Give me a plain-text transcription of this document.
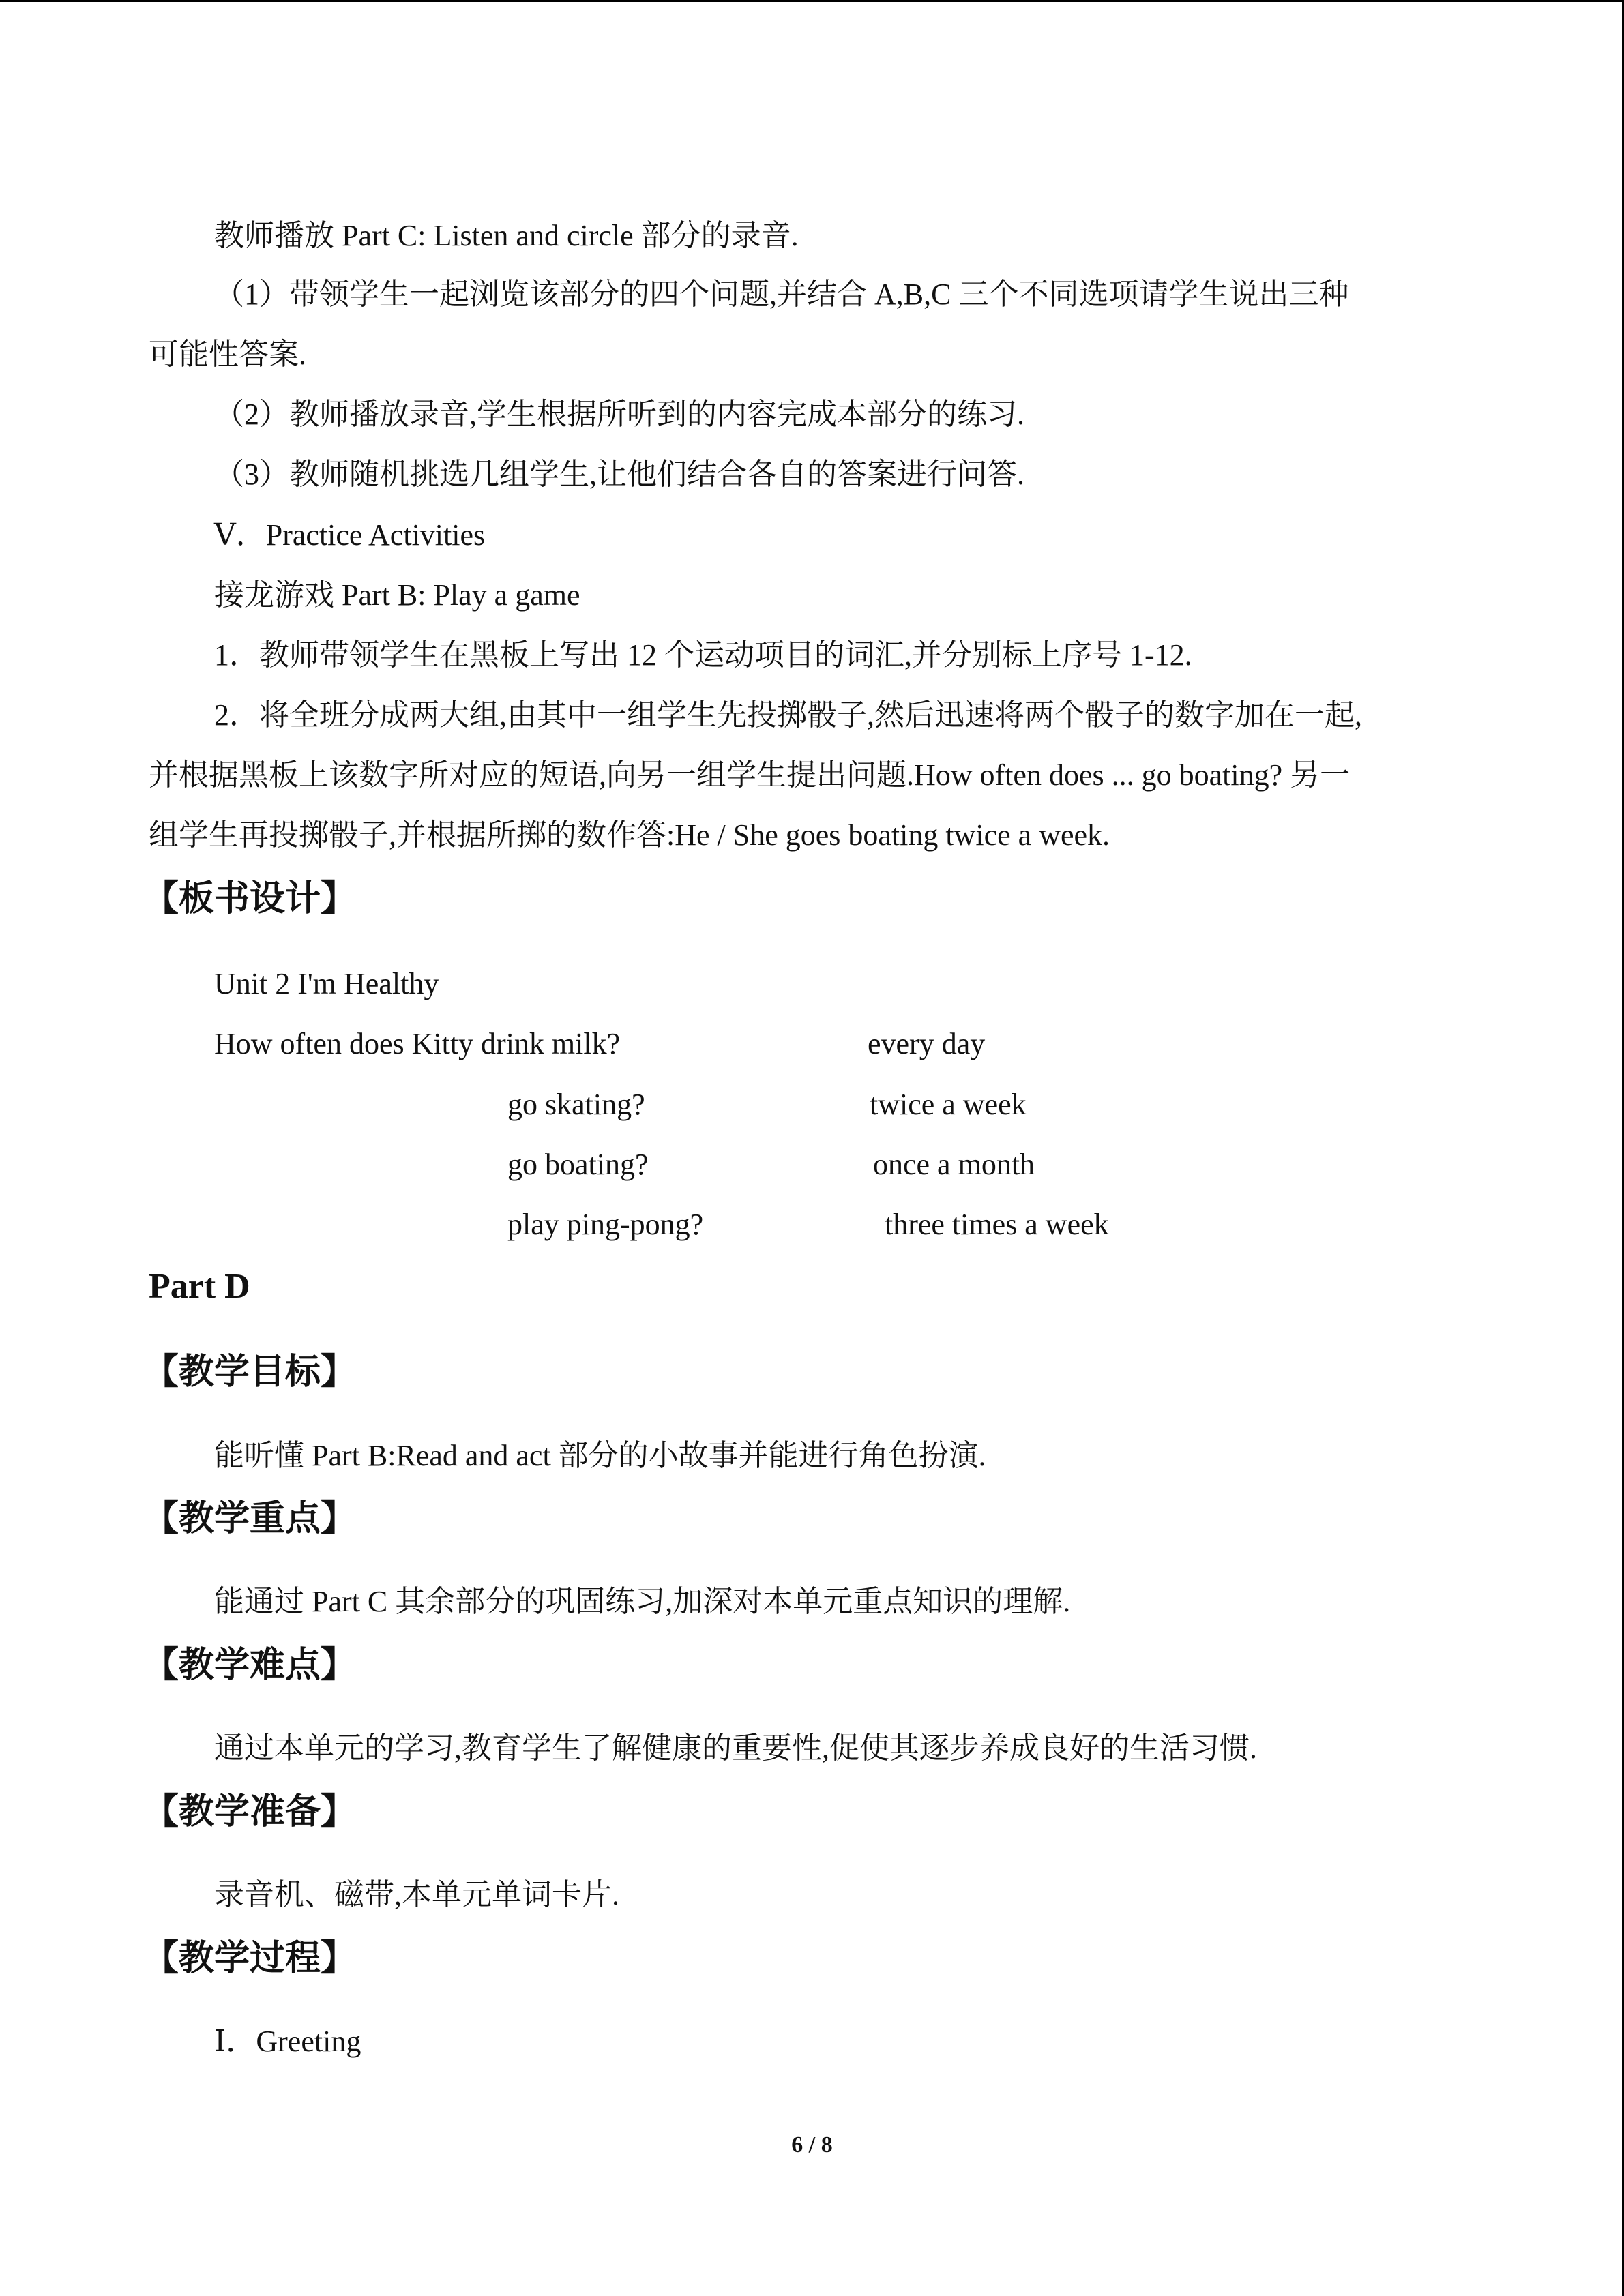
教师播放 Part C: Listen and circle 部分的录音.

（1）带领学生一起浏览该部分的四个问题,并结合 A,B,C 三个不同选项请学生说出三种

可能性答案.

（2）教师播放录音,学生根据所听到的内容完成本部分的练习.

（3）教师随机挑选几组学生,让他们结合各自的答案进行问答.

Ⅴ．Practice Activities

接龙游戏 Part B: Play a game

1．教师带领学生在黑板上写出 12 个运动项目的词汇,并分别标上序号 1-12.

2．将全班分成两大组,由其中一组学生先投掷骰子,然后迅速将两个骰子的数字加在一起,

并根据黑板上该数字所对应的短语,向另一组学生提出问题.How often does ... go boating? 另一

组学生再投掷骰子,并根据所掷的数作答:He / She goes boating twice a week.

【板书设计】

Unit 2 I'm Healthy

How often does Kitty drink milk?	every day
go skating?	twice a week
go boating?	once a month
play ping-pong?	three times a week

Part D

【教学目标】

能听懂 Part B:Read and act 部分的小故事并能进行角色扮演.

【教学重点】

能通过 Part C 其余部分的巩固练习,加深对本单元重点知识的理解.

【教学难点】

通过本单元的学习,教育学生了解健康的重要性,促使其逐步养成良好的生活习惯.

【教学准备】

录音机、磁带,本单元单词卡片.

【教学过程】

Ⅰ．Greeting

6 / 8
